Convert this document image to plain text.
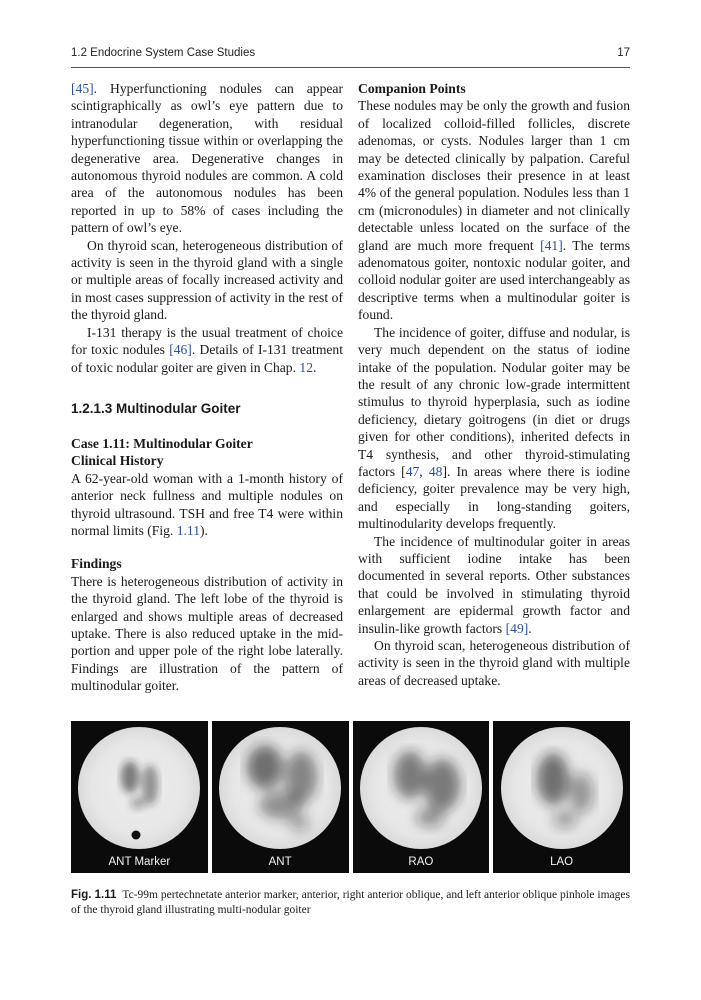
1.2 Endocrine System Case Studies	17

[45]. Hyperfunctioning nodules can appear scintigraphically as owl’s eye pattern due to intranodular degeneration, with residual hyperfunctioning tissue within or overlapping the degenerative area. Degenerative changes in autonomous thyroid nodules are common. A cold area of the autonomous nodules has been reported in up to 58% of cases including the pattern of owl’s eye.

On thyroid scan, heterogeneous distribution of activity is seen in the thyroid gland with a single or multiple areas of focally increased activity and in most cases suppression of activity in the rest of the thyroid gland.

I-131 therapy is the usual treatment of choice for toxic nodules [46]. Details of I-131 treatment of toxic nodular goiter are given in Chap. 12.

1.2.1.3 Multinodular Goiter
Case 1.11: Multinodular Goiter
Clinical History

A 62-year-old woman with a 1-month history of anterior neck fullness and multiple nodules on thyroid ultrasound. TSH and free T4 were within normal limits (Fig. 1.11).

Findings

There is heterogeneous distribution of activity in the thyroid gland. The left lobe of the thyroid is enlarged and shows multiple areas of decreased uptake. There is also reduced uptake in the mid-portion and upper pole of the right lobe laterally. Findings are illustration of the pattern of multinodular goiter.

Companion Points

These nodules may be only the growth and fusion of localized colloid-filled follicles, discrete adenomas, or cysts. Nodules larger than 1 cm may be detected clinically by palpation. Careful examination discloses their presence in at least 4% of the general population. Nodules less than 1 cm (micronodules) in diameter and not clinically detectable unless located on the surface of the gland are much more frequent [41]. The terms adenomatous goiter, nontoxic nodular goiter, and colloid nodular goiter are used interchangeably as descriptive terms when a multinodular goiter is found.

The incidence of goiter, diffuse and nodular, is very much dependent on the status of iodine intake of the population. Nodular goiter may be the result of any chronic low-grade intermittent stimulus to thyroid hyperplasia, such as iodine deficiency, dietary goitrogens (in diet or drugs given for other conditions), inherited defects in T4 synthesis, and other thyroid-stimulating factors [47, 48]. In areas where there is iodine deficiency, goiter prevalence may be very high, and especially in long-standing goiters, multinodularity develops frequently.

The incidence of multinodular goiter in areas with sufficient iodine intake has been documented in several reports. Other substances that could be involved in stimulating thyroid enlargement are epidermal growth factor and insulin-like growth factors [49].

On thyroid scan, heterogeneous distribution of activity is seen in the thyroid gland with multiple areas of decreased uptake.

ANT Marker	ANT	RAO	LAO
Fig. 1.11 Tc-99m pertechnetate anterior marker, anterior, right anterior oblique, and left anterior oblique pinhole images of the thyroid gland illustrating multi-nodular goiter
